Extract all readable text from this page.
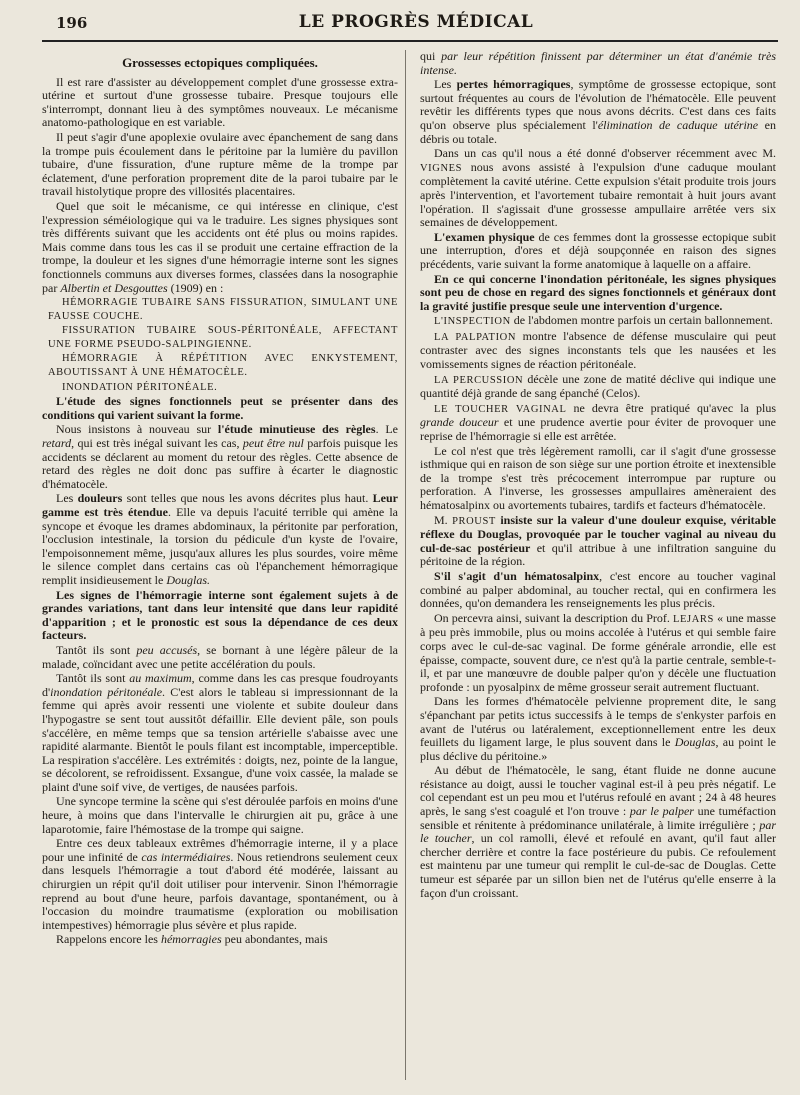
196	LE PROGRÈS MÉDICAL
Grossesses ectopiques compliquées.

Il est rare d'assister au développement complet d'une grossesse extra-utérine et surtout d'une grossesse tubaire. Presque toujours elle s'interrompt, donnant lieu à des symptômes nouveaux. Le mécanisme anatomo-pathologique en est variable.

Il peut s'agir d'une apoplexie ovulaire avec épanchement de sang dans la trompe puis écoulement dans le péritoine par la lumière du pavillon tubaire, d'une fissuration, d'une rupture même de la trompe par éclatement, d'une perforation proprement dite de la paroi tubaire par le travail histolytique propre des villosités placentaires.

Quel que soit le mécanisme, ce qui intéresse en clinique, c'est l'expression séméiologique qui va le traduire. Les signes physiques sont très différents suivant que les accidents ont été plus ou moins rapides. Mais comme dans tous les cas il se produit une certaine effraction de la trompe, la douleur et les signes d'une hémorragie interne sont les signes fonctionnels communs aux diverses formes, classées dans la nosographie par Albertin et Desgouttes (1909) en :

HÉMORRAGIE TUBAIRE SANS FISSURATION, SIMULANT UNE FAUSSE COUCHE.

FISSURATION TUBAIRE SOUS-PÉRITONÉALE, AFFECTANT UNE FORME PSEUDO-SALPINGIENNE.

HÉMORRAGIE À RÉPÉTITION AVEC ENKYSTEMENT, ABOUTISSANT À UNE HÉMATOCÈLE.

INONDATION PÉRITONÉALE.

L'étude des signes fonctionnels peut se présenter dans des conditions qui varient suivant la forme.

Nous insistons à nouveau sur l'étude minutieuse des règles. Le retard, qui est très inégal suivant les cas, peut être nul parfois puisque les accidents se déclarent au moment du retour des règles. Cette absence de retard des règles ne doit donc pas suffire à écarter le diagnostic d'hématocèle.

Les douleurs sont telles que nous les avons décrites plus haut. Leur gamme est très étendue. Elle va depuis l'acuité terrible qui amène la syncope et évoque les drames abdominaux, la péritonite par perforation, l'occlusion intestinale, la torsion du pédicule d'un kyste de l'ovaire, l'empoisonnement même, jusqu'aux allures les plus sourdes, voire même le silence complet dans certains cas où l'épanchement hémorragique remplit insidieusement le Douglas.

Les signes de l'hémorragie interne sont également sujets à de grandes variations, tant dans leur intensité que dans leur rapidité d'apparition ; et le pronostic est sous la dépendance de ces deux facteurs.

Tantôt ils sont peu accusés, se bornant à une légère pâleur de la malade, coïncidant avec une petite accélération du pouls.

Tantôt ils sont au maximum, comme dans les cas presque foudroyants d'inondation péritonéale. C'est alors le tableau si impressionnant de la femme qui après avoir ressenti une violente et subite douleur dans l'hypogastre se sent tout aussitôt défaillir. Elle devient pâle, son pouls s'accélère, en même temps que sa tension artérielle s'abaisse avec une rapidité alarmante. Bientôt le pouls filant est incomptable, imperceptible. La respiration s'accélère. Les extrémités : doigts, nez, pointe de la langue, se décolorent, se refroidissent. Exsangue, d'une voix cassée, la malade se plaint d'une soif vive, de vertiges, de nausées parfois.

Une syncope termine la scène qui s'est déroulée parfois en moins d'une heure, à moins que dans l'intervalle le chirurgien ait pu, grâce à une laparotomie, faire l'hémostase de la trompe qui saigne.

Entre ces deux tableaux extrêmes d'hémorragie interne, il y a place pour une infinité de cas intermédiaires. Nous retiendrons seulement ceux dans lesquels l'hémorragie a tout d'abord été modérée, laissant au chirurgien un répit qu'il doit utiliser pour intervenir. Sinon l'hémorragie reprend au bout d'une heure, parfois davantage, spontanément, ou à l'occasion du moindre traumatisme (exploration ou mobilisation intempestives) hémorragie plus sévère et plus rapide.

Rappelons encore les hémorragies peu abondantes, mais

qui par leur répétition finissent par déterminer un état d'anémie très intense.

Les pertes hémorragiques, symptôme de grossesse ectopique, sont surtout fréquentes au cours de l'évolution de l'hématocèle. Elle peuvent revêtir les différents types que nous avons décrits. C'est dans ces faits qu'on observe plus spécialement l'élimination de caduque utérine en débris ou totale.

Dans un cas qu'il nous a été donné d'observer récemment avec M. VIGNES nous avons assisté à l'expulsion d'une caduque moulant complètement la cavité utérine. Cette expulsion s'était produite trois jours après l'intervention, et l'avortement tubaire remontait à huit jours avant l'opération. Il s'agissait d'une grossesse ampullaire arrêtée vers six semaines de développement.

L'examen physique de ces femmes dont la grossesse ectopique subit une interruption, d'ores et déjà soupçonnée en raison des signes précédents, varie suivant la forme anatomique à laquelle on a affaire.

En ce qui concerne l'inondation péritonéale, les signes physiques sont peu de chose en regard des signes fonctionnels et généraux dont la gravité justifie presque seule une intervention d'urgence.

L'INSPECTION de l'abdomen montre parfois un certain ballonnement.

LA PALPATION montre l'absence de défense musculaire qui peut contraster avec des signes inconstants tels que les nausées et les vomissements signes de réaction péritonéale.

LA PERCUSSION décèle une zone de matité déclive qui indique une quantité déjà grande de sang épanché (Celos).

LE TOUCHER VAGINAL ne devra être pratiqué qu'avec la plus grande douceur et une prudence avertie pour éviter de provoquer une reprise de l'hémorragie si elle est arrêtée.

Le col n'est que très légèrement ramolli, car il s'agit d'une grossesse isthmique qui en raison de son siège sur une portion étroite et inextensible de la trompe s'est très précocement interrompue par rupture ou perforation. A l'inverse, les grossesses ampullaires amèneraient des hématosalpinx ou avortements tubaires, tardifs et facteurs d'hématocèle.

M. PROUST insiste sur la valeur d'une douleur exquise, véritable réflexe du Douglas, provoquée par le toucher vaginal au niveau du cul-de-sac postérieur et qu'il attribue à une infiltration sanguine du péritoine de la région.

S'il s'agit d'un hématosalpinx, c'est encore au toucher vaginal combiné au palper abdominal, au toucher rectal, qui en confirmera les données, qu'on demandera les renseignements les plus précis.

On percevra ainsi, suivant la description du Prof. LEJARS « une masse à peu près immobile, plus ou moins accolée à l'utérus et qui semble faire corps avec le cul-de-sac vaginal. De forme générale arrondie, elle est épaisse, compacte, souvent dure, ce n'est qu'à la partie centrale, semble-t-il, et par une manœuvre de double palper qu'on y décèle une fluctuation profonde : un pyosalpinx de même grosseur serait autrement fluctuant.

Dans les formes d'hématocèle pelvienne proprement dite, le sang s'épanchant par petits ictus successifs à le temps de s'enkyster parfois en avant de l'utérus ou latéralement, exceptionnellement entre les deux feuillets du ligament large, le plus souvent dans le Douglas, au point le plus déclive du péritoine.»

Au début de l'hématocèle, le sang, étant fluide ne donne aucune résistance au doigt, aussi le toucher vaginal est-il à peu près négatif. Le col cependant est un peu mou et l'utérus refoulé en avant ; 24 à 48 heures après, le sang s'est coagulé et l'on trouve : par le palper une tuméfaction sensible et rénitente à prédominance unilatérale, à limite irrégulière ; par le toucher, un col ramolli, élevé et refoulé en avant, qu'il faut aller chercher derrière et contre la face postérieure du pubis. Ce refoulement est maintenu par une tumeur qui remplit le cul-de-sac de Douglas. Cette tumeur est séparée par un sillon bien net de l'utérus qu'elle enserre à la façon d'un croissant.
